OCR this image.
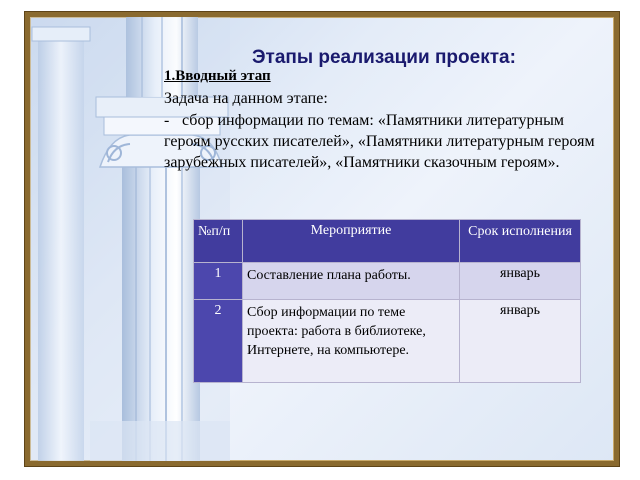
Этапы реализации проекта:

1.Вводный этап

Задача на данном этапе:

- сбор информации по темам: «Памятники литературным героям русских писателей», «Памятники литературным героям зарубежных писателей», «Памятники сказочным героям».

№п/п	Мероприятие	Срок исполнения
1	Составление плана работы.	январь
2	Сбор информации по теме проекта: работа в библиотеке, Интернете, на компьютере.	январь
